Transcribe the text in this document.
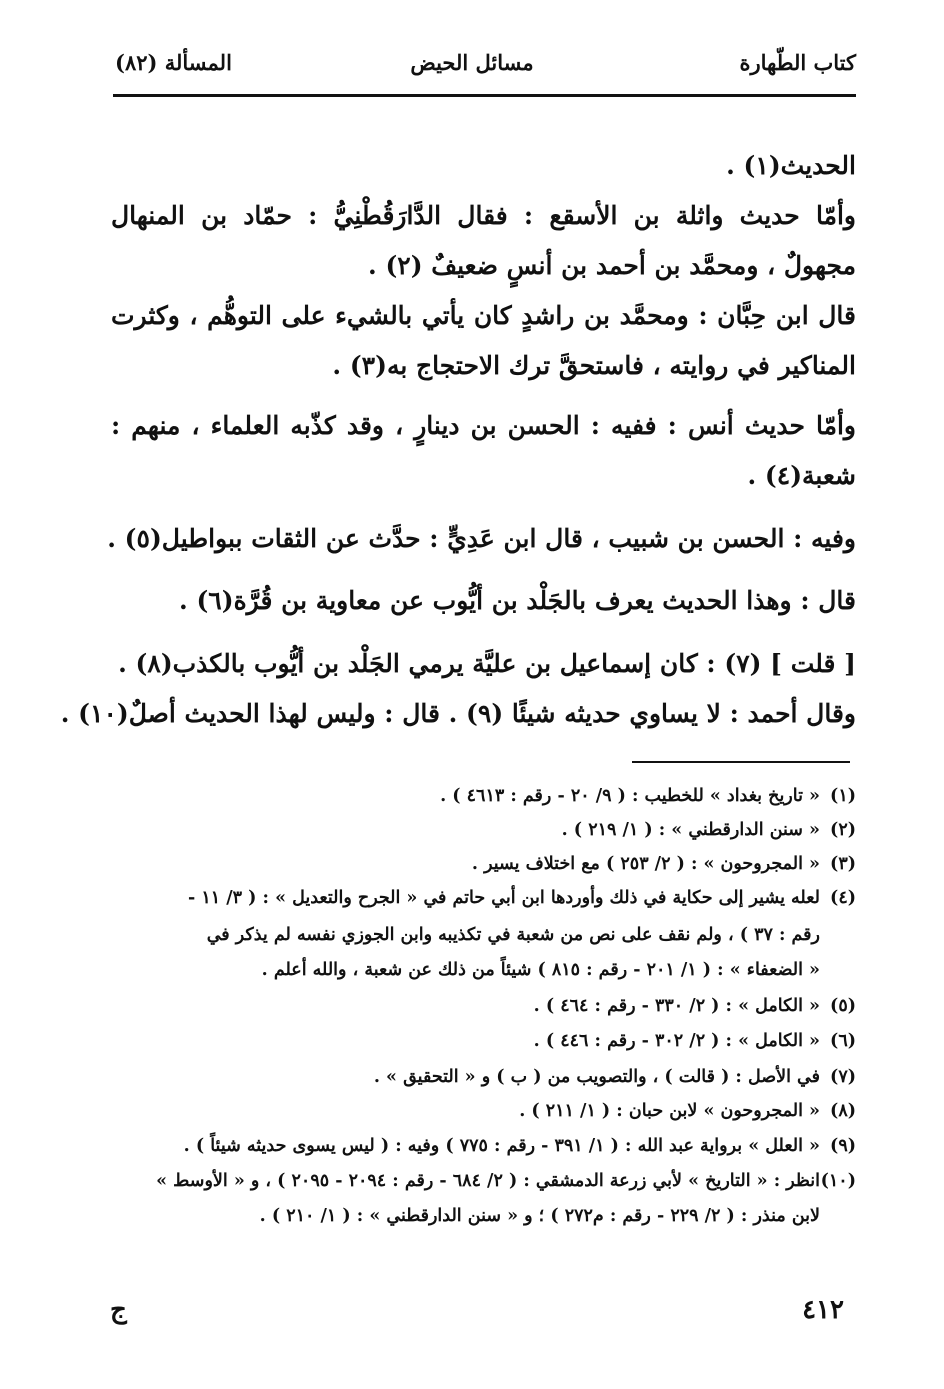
كتاب الطّهارة
مسائل الحيض
المسألة (٨٢)
الحديث(١) .
وأمّا حديث واثلة بن الأسقع : فقال الدَّارَقُطْنِيُّ : حمّاد بن المنهال
مجهولٌ ، ومحمَّد بن أحمد بن أنسٍ ضعيفٌ (٢) .
قال ابن حِبَّان : ومحمَّد بن راشدٍ كان يأتي بالشيء على التوهُّم ، وكثرت
المناكير في روايته ، فاستحقَّ ترك الاحتجاج به(٣) .
وأمّا حديث أنس : ففيه : الحسن بن دينارٍ ، وقد كذّبه العلماء ، منهم :
شعبة(٤) .
وفيه : الحسن بن شبيب ، قال ابن عَدِيٍّ : حدَّث عن الثقات ببواطيل(٥) .
قال : وهذا الحديث يعرف بالجَلْد بن أيُّوب عن معاوية بن قُرَّة(٦) .
[ قلت ] (٧) : كان إسماعيل بن عليَّة يرمي الجَلْد بن أيُّوب بالكذب(٨) .
وقال أحمد : لا يساوي حديثه شيئًا (٩) . قال : وليس لهذا الحديث أصلٌ(١٠) .
(١)
« تاريخ بغداد » للخطيب : ( ٩/ ٢٠ - رقم : ٤٦١٣ ) .
(٢)
« سنن الدارقطني » : ( ١/ ٢١٩ ) .
(٣)
« المجروحون » : ( ٢/ ٢٥٣ ) مع اختلاف يسير .
(٤)
لعله يشير إلى حكاية في ذلك وأوردها ابن أبي حاتم في « الجرح والتعديل » : ( ٣/ ١١ -
رقم : ٣٧ ) ، ولم نقف على نص من شعبة في تكذيبه وابن الجوزي نفسه لم يذكر في
« الضعفاء » : ( ١/ ٢٠١ - رقم : ٨١٥ ) شيئاً من ذلك عن شعبة ، والله أعلم .
(٥)
« الكامل » : ( ٢/ ٣٣٠ - رقم : ٤٦٤ ) .
(٦)
« الكامل » : ( ٢/ ٣٠٢ - رقم : ٤٤٦ ) .
(٧)
في الأصل : ( قالت ) ، والتصويب من ( ب ) و « التحقيق » .
(٨)
« المجروحون » لابن حبان : ( ١/ ٢١١ ) .
(٩)
« العلل » برواية عبد الله : ( ١/ ٣٩١ - رقم : ٧٧٥ ) وفيه : ( ليس يسوى حديثه شيئاً ) .
(١٠)
انظر : « التاريخ » لأبي زرعة الدمشقي : ( ٢/ ٦٨٤ - رقم : ٢٠٩٤ - ٢٠٩٥ ) ، و « الأوسط »
لابن منذر : ( ٢/ ٢٢٩ - رقم : م٢٧٢ ) ؛ و « سنن الدارقطني » : ( ١/ ٢١٠ ) .
٤١٢
ج
